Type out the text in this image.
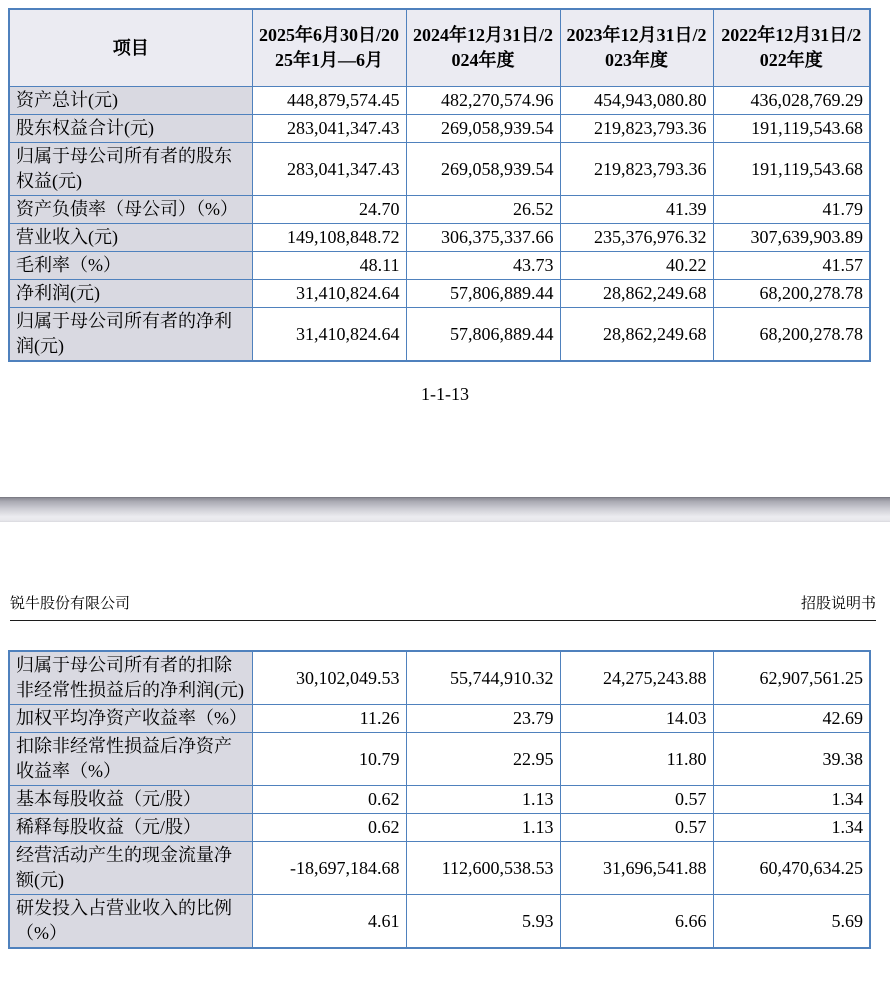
项目	2025年6月30日/2025年1月—6月	2024年12月31日/2024年度	2023年12月31日/2023年度	2022年12月31日/2022年度
资产总计(元)	448,879,574.45	482,270,574.96	454,943,080.80	436,028,769.29
股东权益合计(元)	283,041,347.43	269,058,939.54	219,823,793.36	191,119,543.68
归属于母公司所有者的股东权益(元)	283,041,347.43	269,058,939.54	219,823,793.36	191,119,543.68
资产负债率（母公司）（%）	24.70	26.52	41.39	41.79
营业收入(元)	149,108,848.72	306,375,337.66	235,376,976.32	307,639,903.89
毛利率（%）	48.11	43.73	40.22	41.57
净利润(元)	31,410,824.64	57,806,889.44	28,862,249.68	68,200,278.78
归属于母公司所有者的净利润(元)	31,410,824.64	57,806,889.44	28,862,249.68	68,200,278.78
1-1-13
锐牛股份有限公司	招股说明书
归属于母公司所有者的扣除非经常性损益后的净利润(元)	30,102,049.53	55,744,910.32	24,275,243.88	62,907,561.25
加权平均净资产收益率（%）	11.26	23.79	14.03	42.69
扣除非经常性损益后净资产收益率（%）	10.79	22.95	11.80	39.38
基本每股收益（元/股）	0.62	1.13	0.57	1.34
稀释每股收益（元/股）	0.62	1.13	0.57	1.34
经营活动产生的现金流量净额(元)	-18,697,184.68	112,600,538.53	31,696,541.88	60,470,634.25
研发投入占营业收入的比例（%）	4.61	5.93	6.66	5.69
